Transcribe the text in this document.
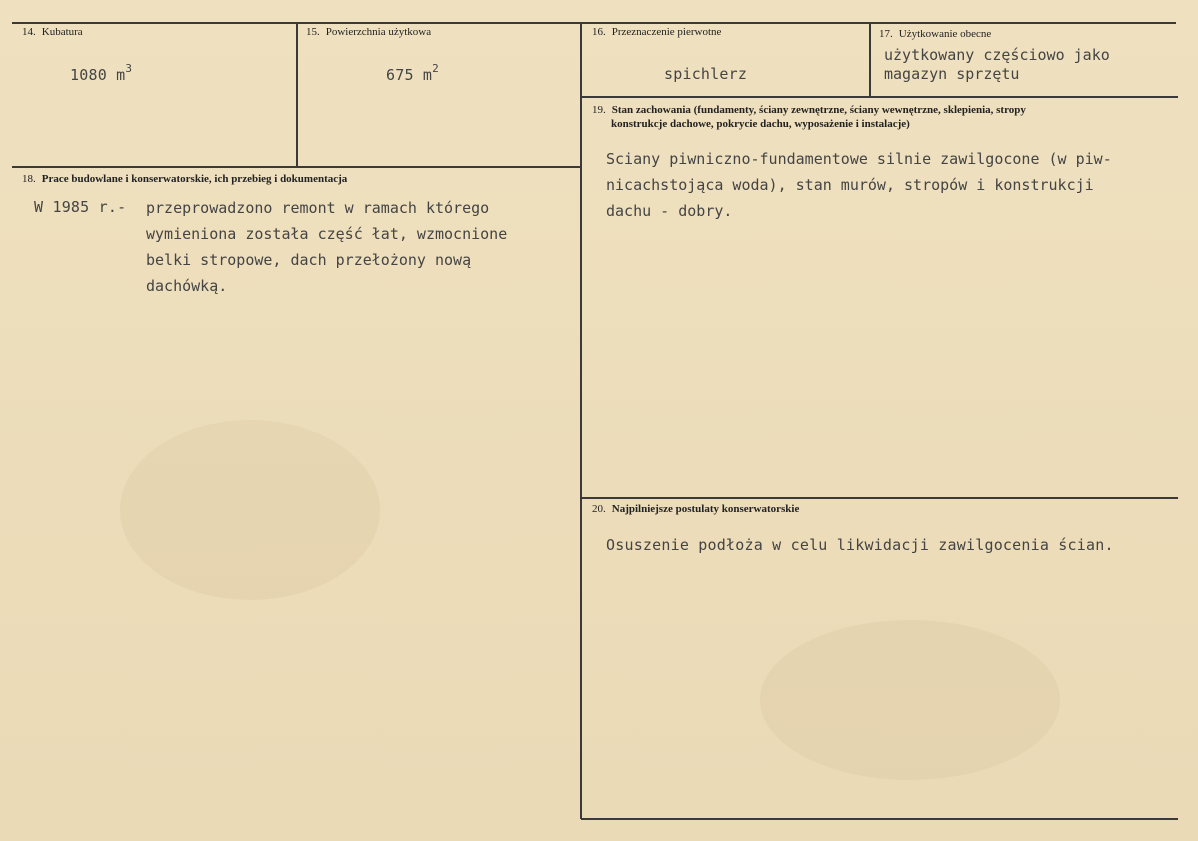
14. Kubatura
1080 $m^3$
15. Powierzchnia użytkowa
675 $m^2$
16. Przeznaczenie pierwotne
spichlerz
17. Użytkowanie obecne
użytkowany częściowo jako
magazyn sprzętu
18. Prace budowlane i konserwatorskie, ich przebieg i dokumentacja
W 1985 r.- przeprowadzono remont w ramach którego
wymieniona została część łat, wzmocnione
belki stropowe, dach przełożony nową
dachówką.
19. Stan zachowania (fundamenty, ściany zewnętrzne, ściany wewnętrzne, sklepienia, stropy
konstrukcje dachowe, pokrycie dachu, wyposażenie i instalacje)
Sciany piwniczno-fundamentowe silnie zawilgocone (w piw-
nicachstojąca woda), stan murów, stropów i konstrukcji
dachu - dobry.
20. Najpilniejsze postulaty konserwatorskie
Osuszenie podłoża w celu likwidacji zawilgocenia ścian.
